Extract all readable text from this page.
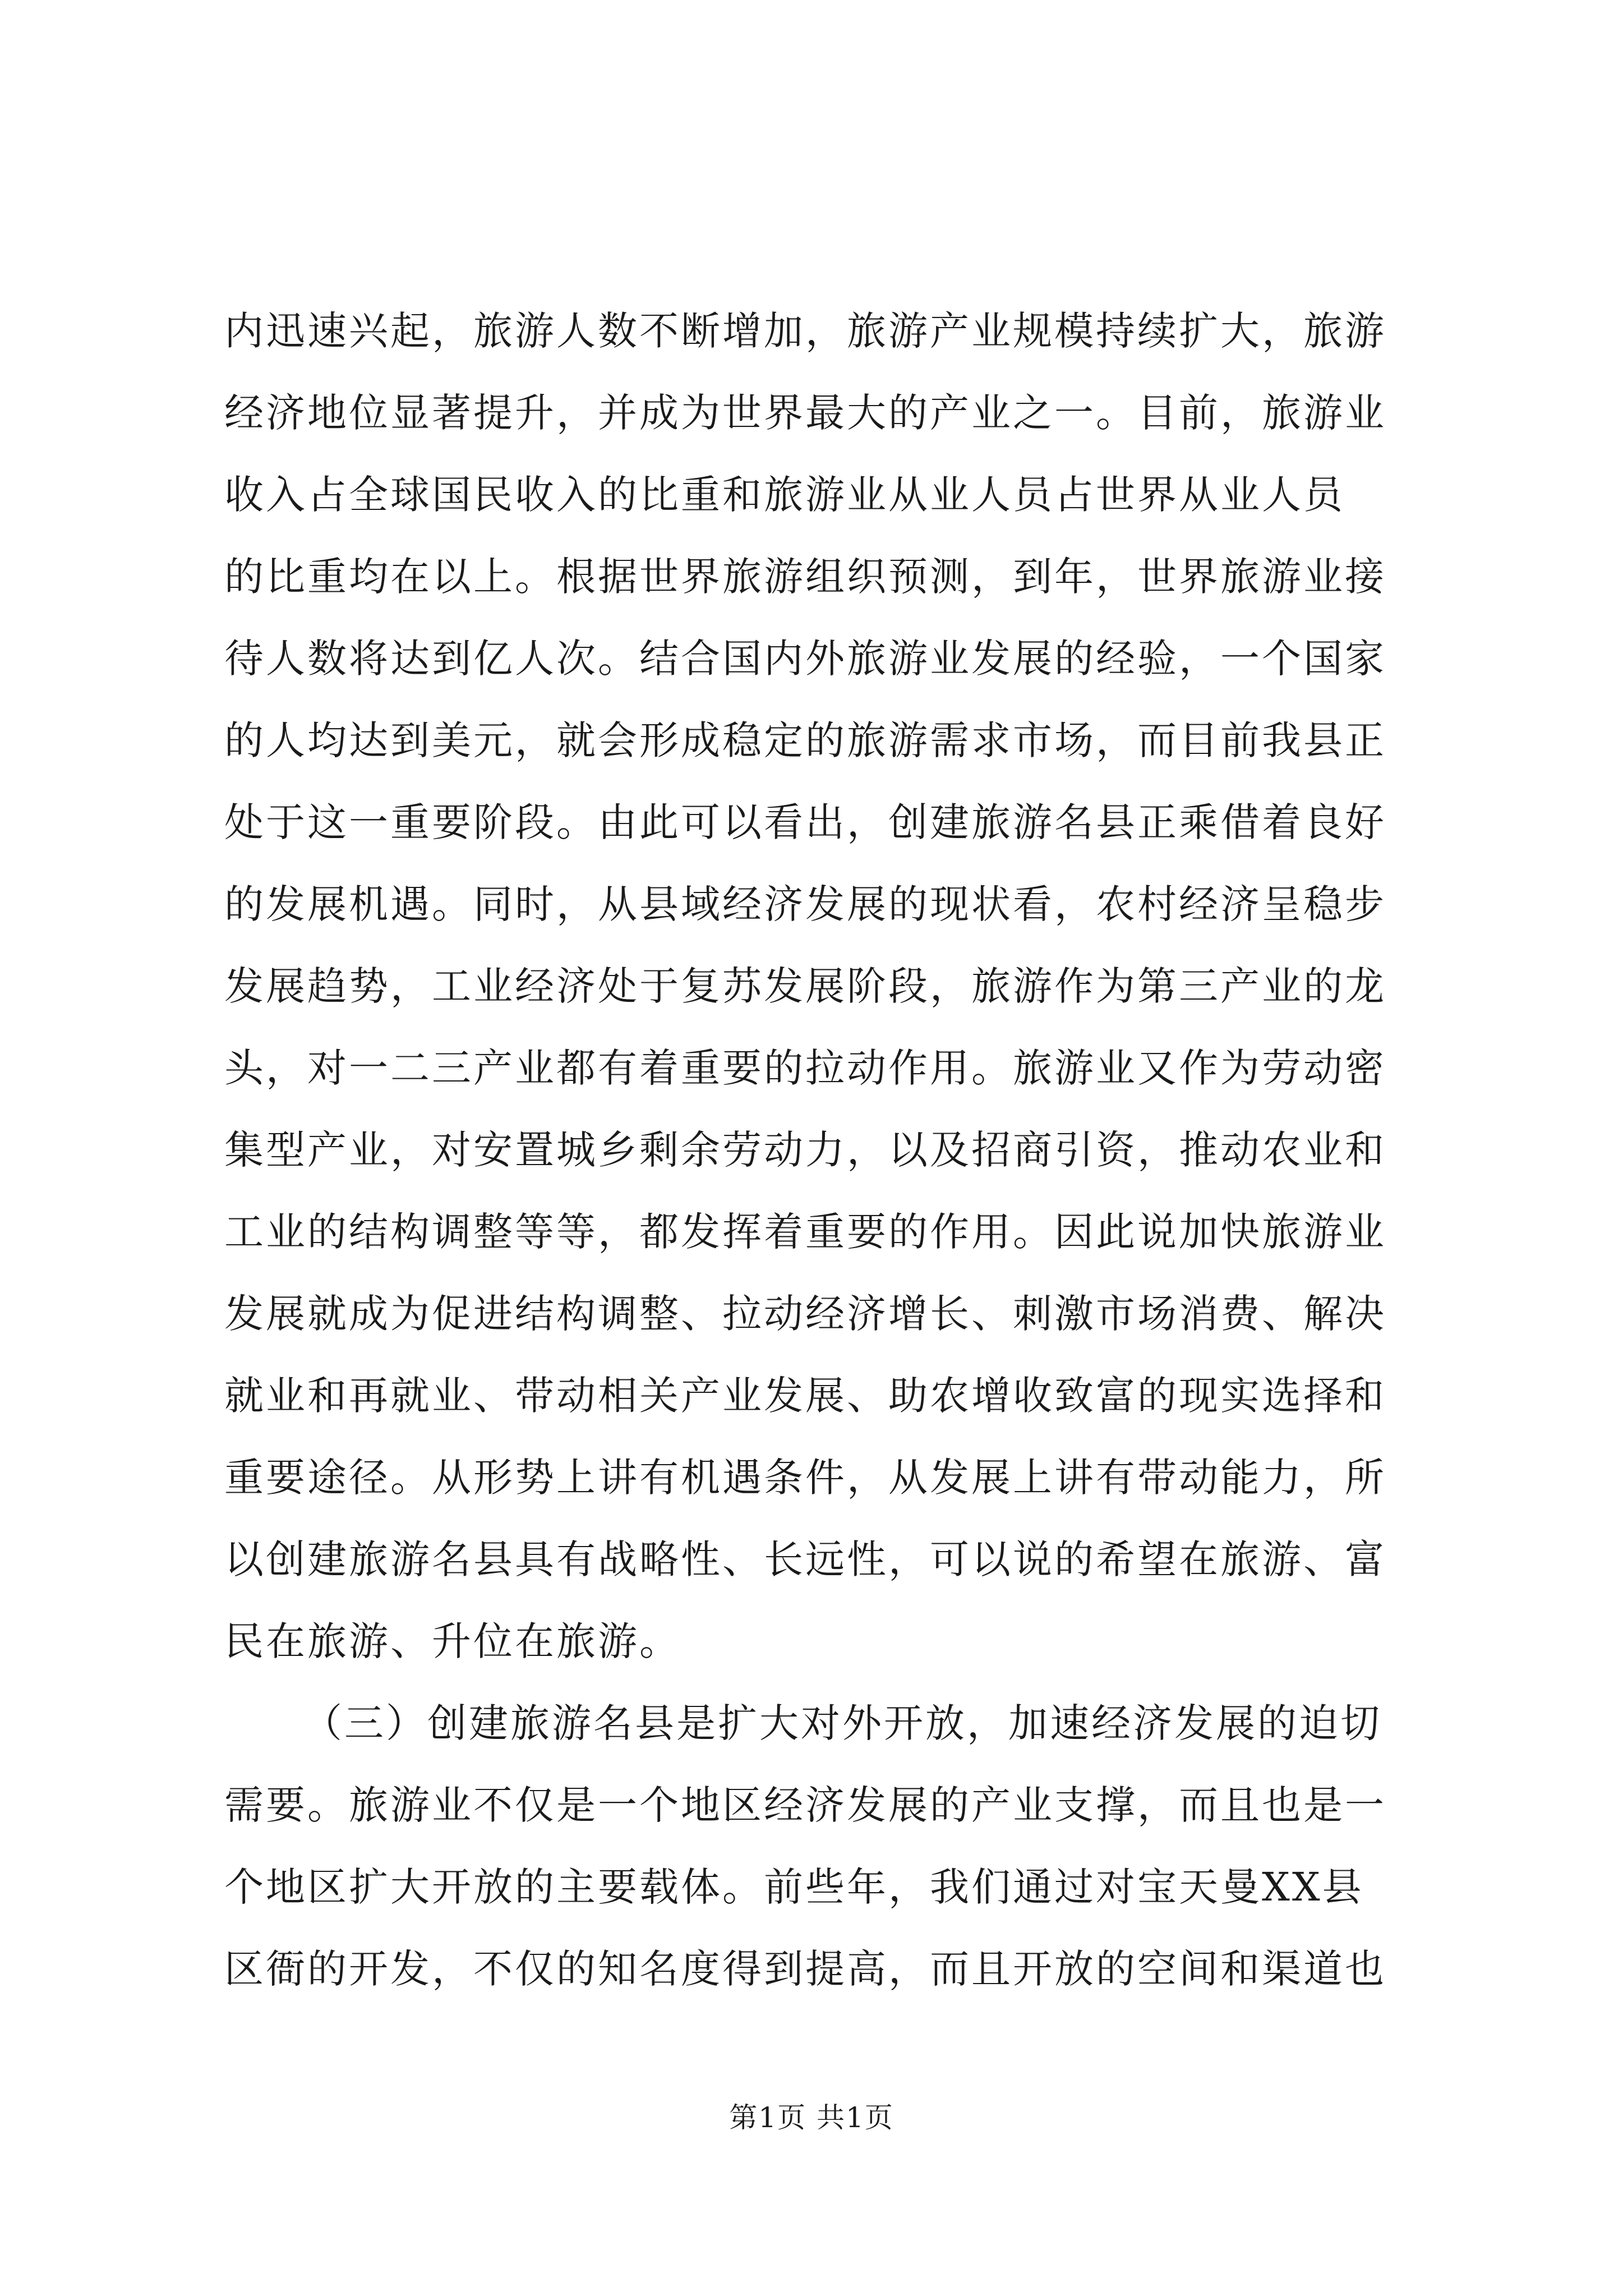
内迅速兴起，旅游人数不断增加，旅游产业规模持续扩大，旅游
经济地位显著提升，并成为世界最大的产业之一。目前，旅游业
收入占全球国民收入的比重和旅游业从业人员占世界从业人员
的比重均在以上。根据世界旅游组织预测，到年，世界旅游业接
待人数将达到亿人次。结合国内外旅游业发展的经验，一个国家
的人均达到美元，就会形成稳定的旅游需求市场，而目前我县正
处于这一重要阶段。由此可以看出，创建旅游名县正乘借着良好
的发展机遇。同时，从县域经济发展的现状看，农村经济呈稳步
发展趋势，工业经济处于复苏发展阶段，旅游作为第三产业的龙
头，对一二三产业都有着重要的拉动作用。旅游业又作为劳动密
集型产业，对安置城乡剩余劳动力，以及招商引资，推动农业和
工业的结构调整等等，都发挥着重要的作用。因此说加快旅游业
发展就成为促进结构调整、拉动经济增长、刺激市场消费、解决
就业和再就业、带动相关产业发展、助农增收致富的现实选择和
重要途径。从形势上讲有机遇条件，从发展上讲有带动能力，所
以创建旅游名县具有战略性、长远性，可以说的希望在旅游、富
民在旅游、升位在旅游。
（三）创建旅游名县是扩大对外开放，加速经济发展的迫切
需要。旅游业不仅是一个地区经济发展的产业支撑，而且也是一
个地区扩大开放的主要载体。前些年，我们通过对宝天曼XX县
区衙的开发，不仅的知名度得到提高，而且开放的空间和渠道也
第1页 共1页
